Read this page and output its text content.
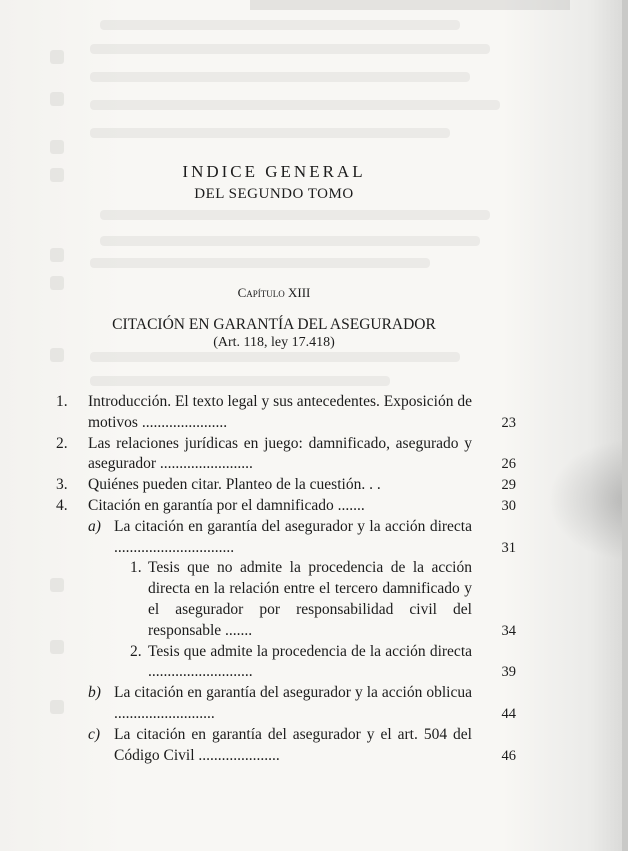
INDICE GENERAL
DEL SEGUNDO TOMO
Capítulo XIII
CITACIÓN EN GARANTÍA DEL ASEGURADOR
(Art. 118, ley 17.418)
1. Introducción. El texto legal y sus antecedentes. Exposición de motivos ......................	23
2. Las relaciones jurídicas en juego: damnificado, asegurado y asegurador ........................	26
3. Quiénes pueden citar. Planteo de la cuestión. . .	29
4. Citación en garantía por el damnificado .......	30
a) La citación en garantía del asegurador y la acción directa ...............................	31
1. Tesis que no admite la procedencia de la acción directa en la relación entre el tercero damnificado y el asegurador por responsabilidad civil del responsable .......	34
2. Tesis que admite la procedencia de la acción directa ...........................	39
b) La citación en garantía del asegurador y la acción oblicua ..........................	44
c) La citación en garantía del asegurador y el art. 504 del Código Civil .....................	46
